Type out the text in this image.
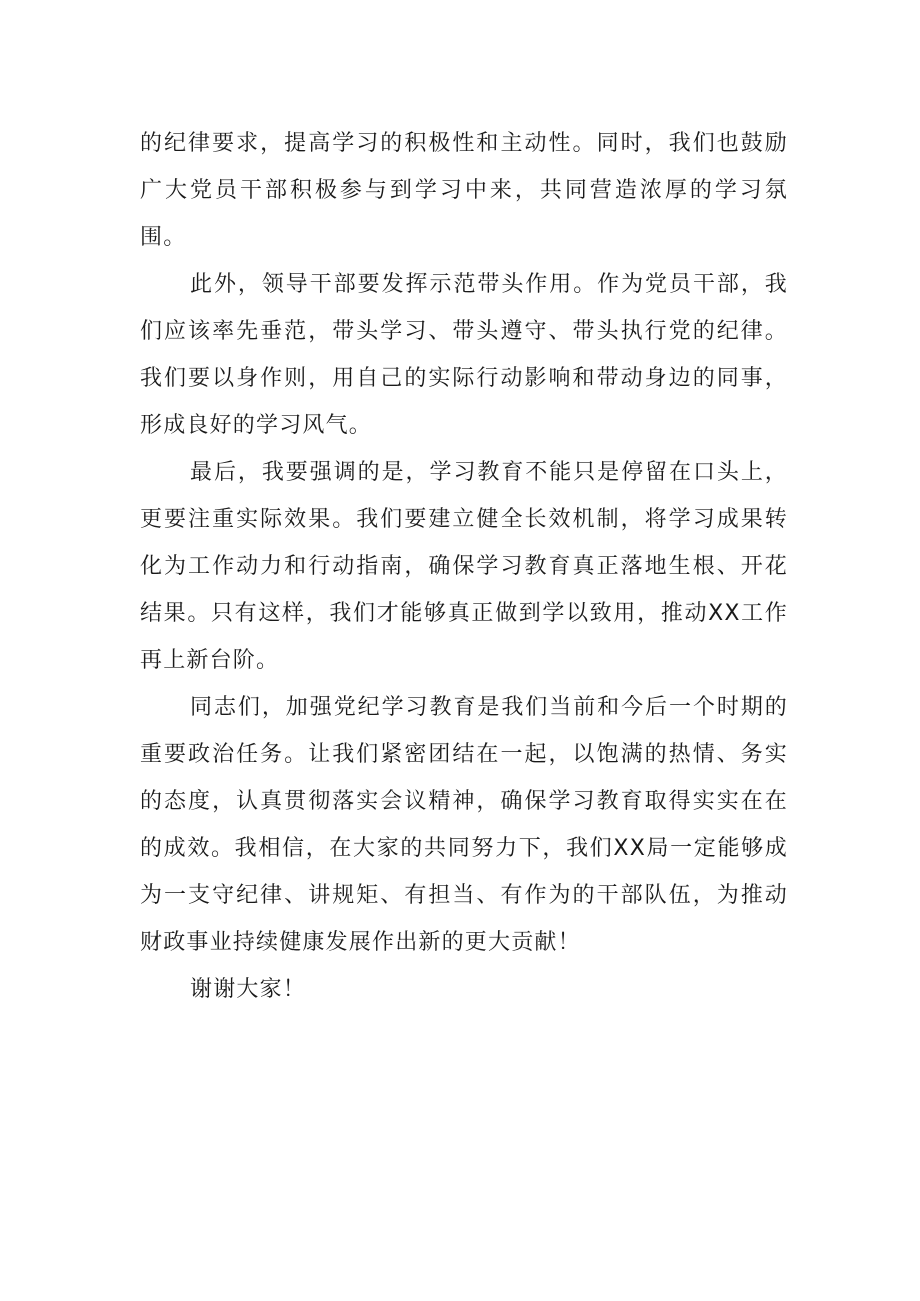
的纪律要求，提高学习的积极性和主动性。同时，我们也鼓励广大党员干部积极参与到学习中来，共同营造浓厚的学习氛围。

此外，领导干部要发挥示范带头作用。作为党员干部，我们应该率先垂范，带头学习、带头遵守、带头执行党的纪律。我们要以身作则，用自己的实际行动影响和带动身边的同事，形成良好的学习风气。

最后，我要强调的是，学习教育不能只是停留在口头上，更要注重实际效果。我们要建立健全长效机制，将学习成果转化为工作动力和行动指南，确保学习教育真正落地生根、开花结果。只有这样，我们才能够真正做到学以致用，推动XX工作再上新台阶。

同志们，加强党纪学习教育是我们当前和今后一个时期的重要政治任务。让我们紧密团结在一起，以饱满的热情、务实的态度，认真贯彻落实会议精神，确保学习教育取得实实在在的成效。我相信，在大家的共同努力下，我们XX局一定能够成为一支守纪律、讲规矩、有担当、有作为的干部队伍，为推动财政事业持续健康发展作出新的更大贡献！

谢谢大家！
